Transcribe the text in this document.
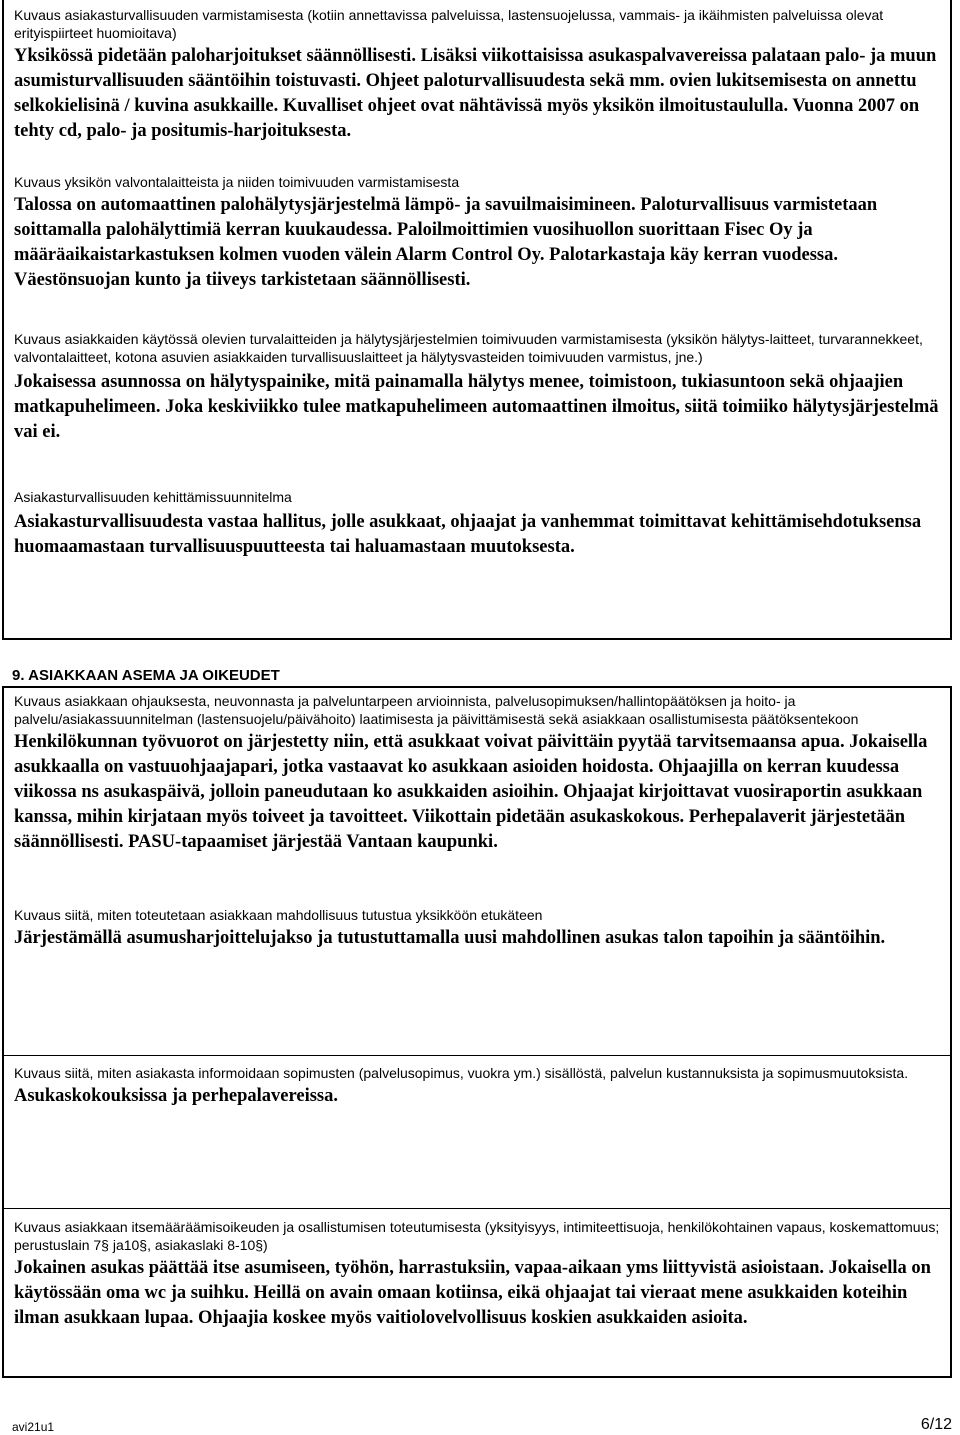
Kuvaus asiakasturvallisuuden varmistamisesta (kotiin annettavissa palveluissa, lastensuojelussa, vammais- ja ikäihmisten palveluissa olevat erityispiirteet huomioitava)

Yksikössä pidetään paloharjoitukset säännöllisesti. Lisäksi viikottaisissa asukaspalvavereissa palataan palo- ja muun asumisturvallisuuden sääntöihin toistuvasti. Ohjeet paloturvallisuudesta sekä mm. ovien lukitsemisesta on annettu selkokielisinä / kuvina asukkaille. Kuvalliset ohjeet ovat nähtävissä myös yksikön ilmoitustaululla. Vuonna 2007 on tehty cd, palo- ja positumis-harjoituksesta.

Kuvaus yksikön valvontalaitteista ja niiden toimivuuden varmistamisesta

Talossa on automaattinen palohälytysjärjestelmä lämpö- ja savuilmaisimineen. Paloturvallisuus varmistetaan soittamalla palohälyttimiä kerran kuukaudessa. Paloilmoittimien vuosihuollon suorittaan Fisec Oy ja määräaikaistarkastuksen kolmen vuoden välein Alarm Control Oy. Palotarkastaja käy kerran vuodessa. Väestönsuojan kunto ja tiiveys tarkistetaan säännöllisesti.

Kuvaus asiakkaiden käytössä olevien turvalaitteiden ja hälytysjärjestelmien toimivuuden varmistamisesta (yksikön hälytys-laitteet, turvarannekkeet, valvontalaitteet, kotona asuvien asiakkaiden turvallisuuslaitteet ja hälytysvasteiden toimivuuden varmistus, jne.)

Jokaisessa asunnossa on hälytyspainike, mitä painamalla hälytys menee, toimistoon, tukiasuntoon sekä ohjaajien matkapuhelimeen. Joka keskiviikko tulee matkapuhelimeen automaattinen ilmoitus, siitä toimiiko hälytysjärjestelmä vai ei.

Asiakasturvallisuuden kehittämissuunnitelma

Asiakasturvallisuudesta vastaa hallitus, jolle asukkaat, ohjaajat ja vanhemmat toimittavat kehittämisehdotuksensa huomaamastaan turvallisuuspuutteesta tai haluamastaan muutoksesta.

9. ASIAKKAAN ASEMA JA OIKEUDET

Kuvaus asiakkaan ohjauksesta, neuvonnasta ja palveluntarpeen arvioinnista, palvelusopimuksen/hallintopäätöksen ja hoito- ja palvelu/asiakassuunnitelman (lastensuojelu/päivähoito) laatimisesta ja päivittämisestä sekä asiakkaan osallistumisesta päätöksentekoon

Henkilökunnan työvuorot on järjestetty niin, että asukkaat voivat päivittäin pyytää tarvitsemaansa apua. Jokaisella asukkaalla on vastuuohjaajapari, jotka vastaavat ko asukkaan asioiden hoidosta. Ohjaajilla on kerran kuudessa viikossa ns asukaspäivä, jolloin paneudutaan ko asukkaiden asioihin. Ohjaajat kirjoittavat vuosiraportin asukkaan kanssa, mihin kirjataan myös toiveet ja tavoitteet. Viikottain pidetään asukaskokous. Perhepalaverit järjestetään säännöllisesti. PASU-tapaamiset järjestää Vantaan kaupunki.

Kuvaus siitä, miten toteutetaan asiakkaan mahdollisuus tutustua yksikköön etukäteen

Järjestämällä asumusharjoittelujakso ja tutustuttamalla uusi mahdollinen asukas talon tapoihin ja sääntöihin.

Kuvaus siitä, miten asiakasta informoidaan sopimusten (palvelusopimus, vuokra ym.) sisällöstä, palvelun kustannuksista ja sopimusmuutoksista.

Asukaskokouksissa ja perhepalavereissa.

Kuvaus asiakkaan itsemääräämisoikeuden ja osallistumisen toteutumisesta (yksityisyys, intimiteettisuoja, henkilökohtainen vapaus, koskemattomuus; perustuslain 7§ ja10§, asiakaslaki 8-10§)

Jokainen asukas päättää itse asumiseen, työhön, harrastuksiin, vapaa-aikaan yms liittyvistä asioistaan. Jokaisella on käytössään oma wc ja suihku. Heillä on avain omaan kotiinsa, eikä ohjaajat tai vieraat mene asukkaiden koteihin ilman asukkaan lupaa. Ohjaajia koskee myös vaitiolovelvollisuus koskien asukkaiden asioita.

avi21u1	6/12
